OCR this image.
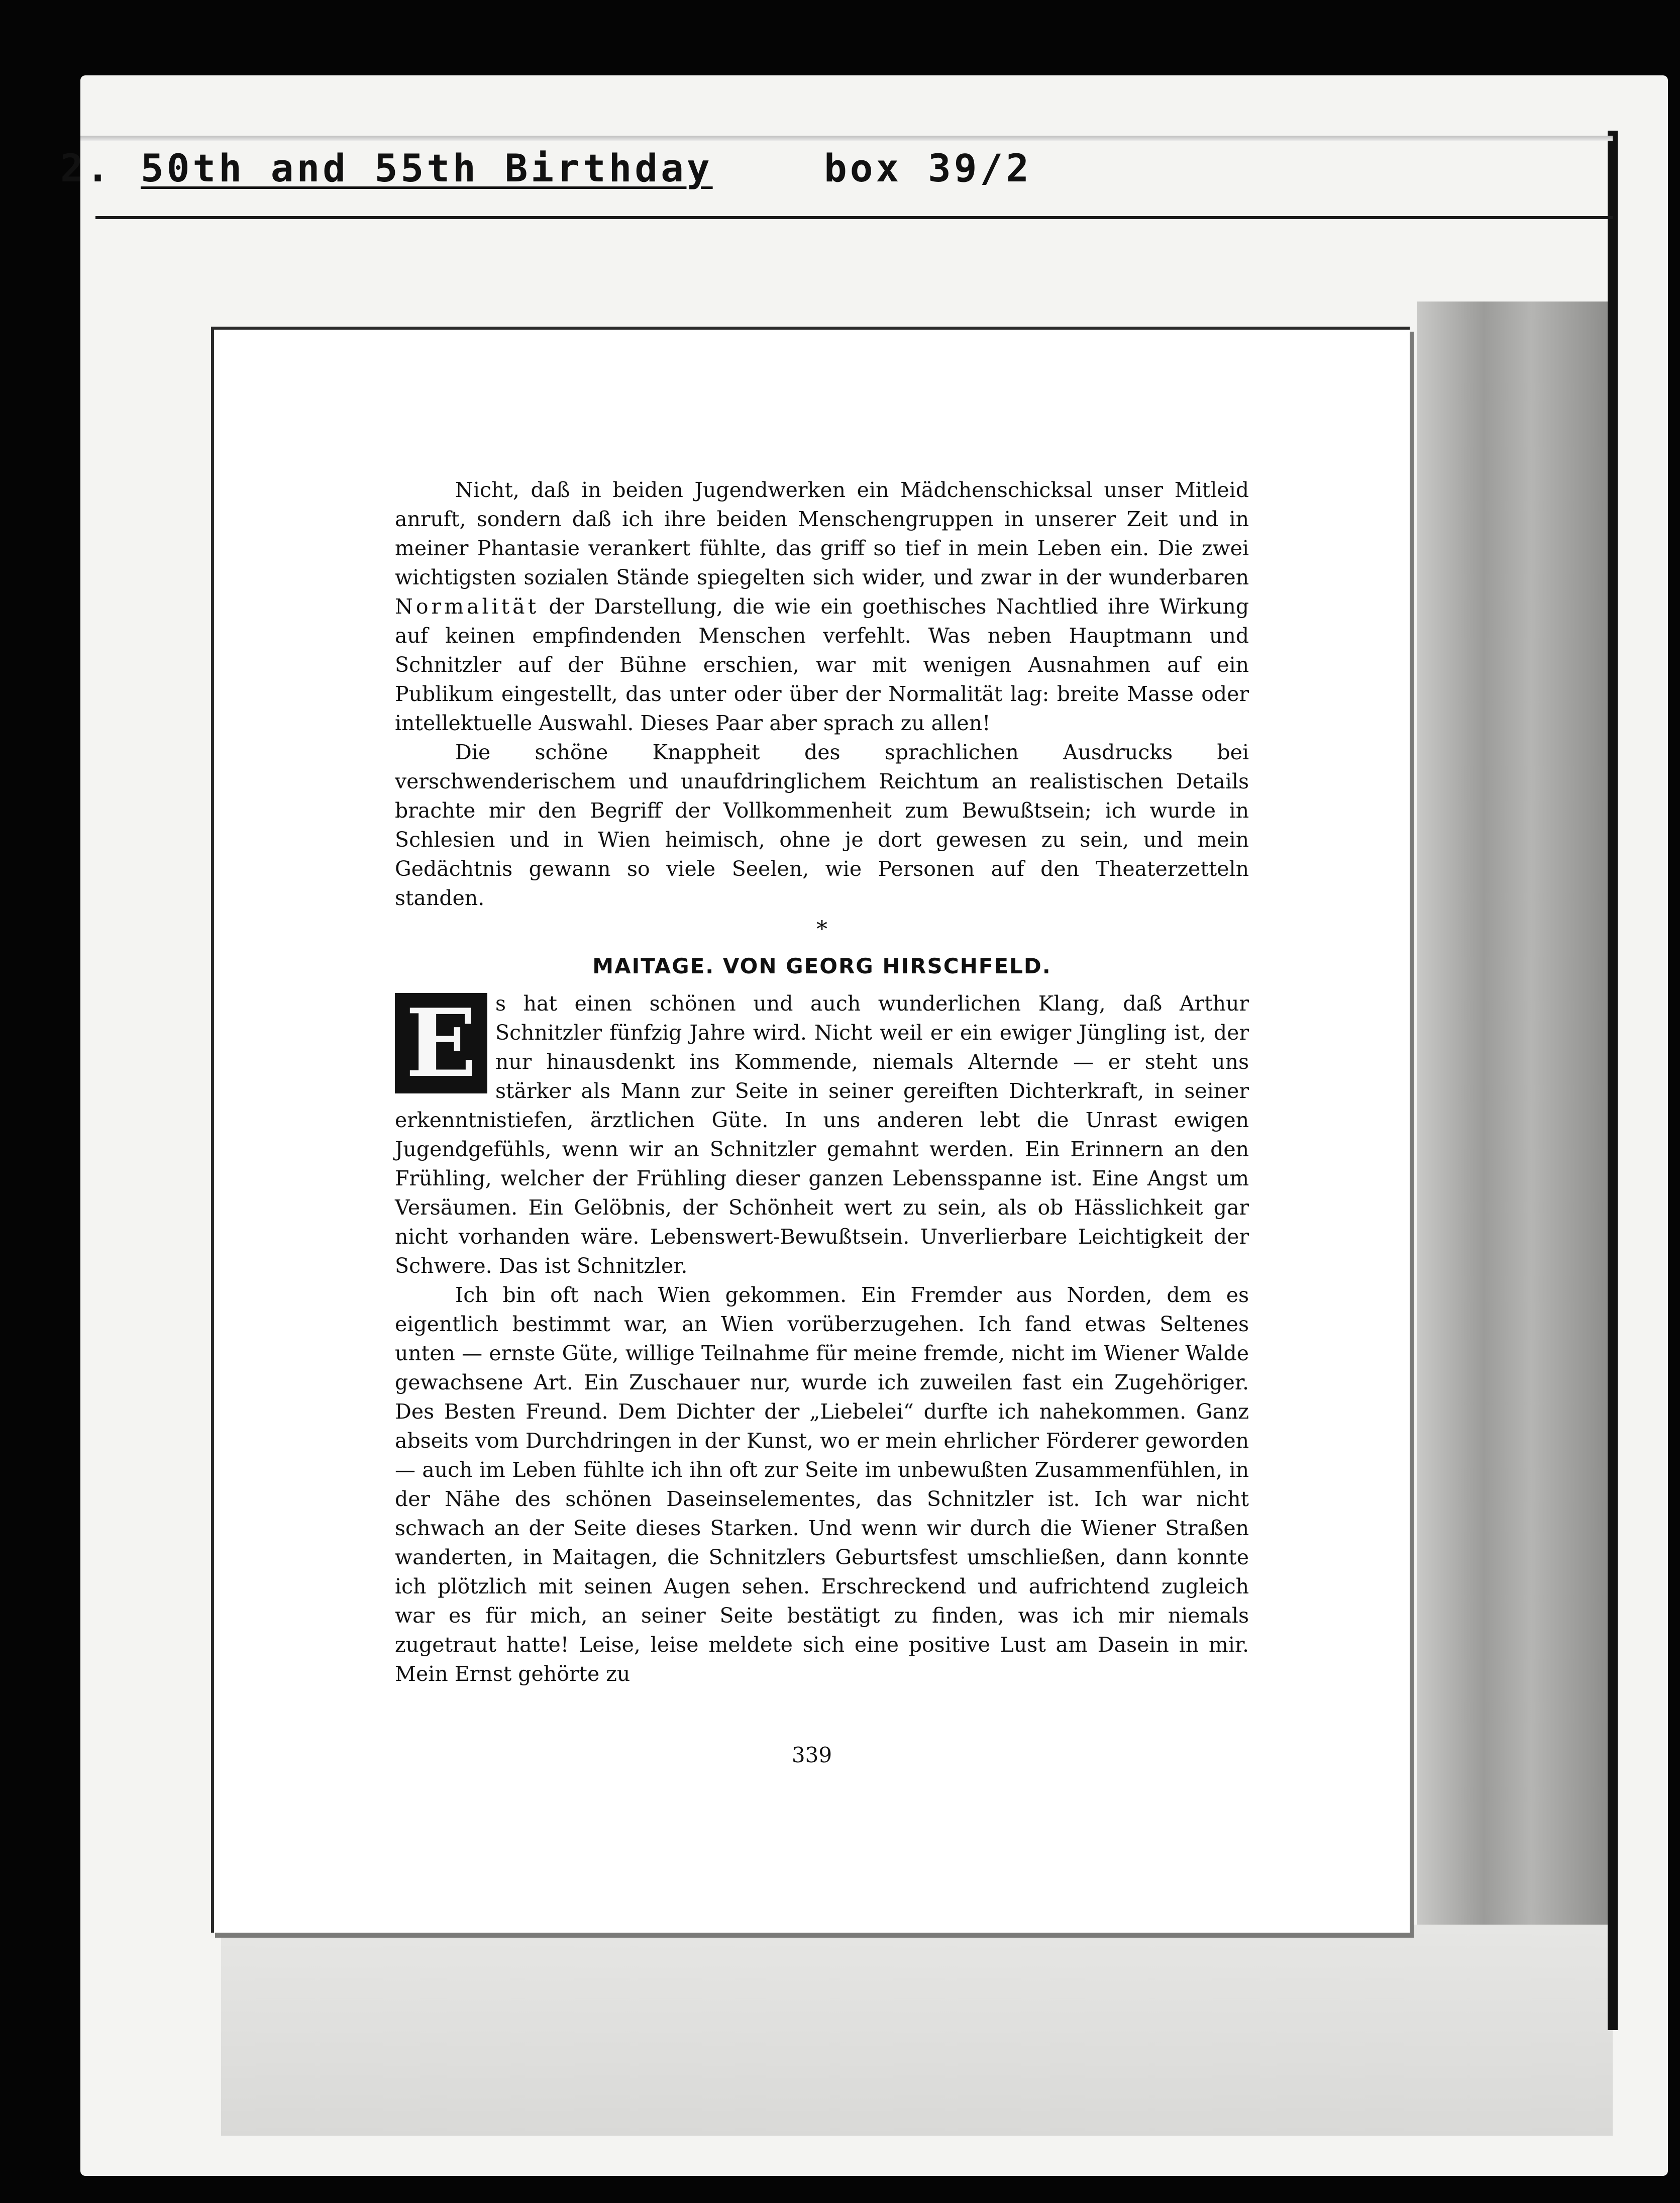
2. 50th and 55th Birthday	box 39/2

Nicht, daß in beiden Jugendwerken ein Mädchenschicksal unser Mitleid anruft, sondern daß ich ihre beiden Menschengruppen in unserer Zeit und in meiner Phantasie verankert fühlte, das griff so tief in mein Leben ein. Die zwei wichtigsten sozialen Stände spiegelten sich wider, und zwar in der wunderbaren Normalität der Darstellung, die wie ein goethisches Nachtlied ihre Wirkung auf keinen empfindenden Menschen verfehlt. Was neben Hauptmann und Schnitzler auf der Bühne erschien, war mit wenigen Ausnahmen auf ein Publikum eingestellt, das unter oder über der Normalität lag: breite Masse oder intellektuelle Auswahl. Dieses Paar aber sprach zu allen!

Die schöne Knappheit des sprachlichen Ausdrucks bei verschwenderischem und unaufdringlichem Reichtum an realistischen Details brachte mir den Begriff der Vollkommenheit zum Bewußtsein; ich wurde in Schlesien und in Wien heimisch, ohne je dort gewesen zu sein, und mein Gedächtnis gewann so viele Seelen, wie Personen auf den Theaterzetteln standen.

*
MAITAGE. VON GEORG HIRSCHFELD.

E s hat einen schönen und auch wunderlichen Klang, daß Arthur Schnitzler fünfzig Jahre wird. Nicht weil er ein ewiger Jüngling ist, der nur hinausdenkt ins Kommende, niemals Alternde — er steht uns stärker als Mann zur Seite in seiner gereiften Dichterkraft, in seiner erkenntnistiefen, ärztlichen Güte. In uns anderen lebt die Unrast ewigen Jugendgefühls, wenn wir an Schnitzler gemahnt werden. Ein Erinnern an den Frühling, welcher der Frühling dieser ganzen Lebensspanne ist. Eine Angst um Versäumen. Ein Gelöbnis, der Schönheit wert zu sein, als ob Hässlichkeit gar nicht vorhanden wäre. Lebenswert-Bewußtsein. Unverlierbare Leichtigkeit der Schwere. Das ist Schnitzler.

Ich bin oft nach Wien gekommen. Ein Fremder aus Norden, dem es eigentlich bestimmt war, an Wien vorüberzugehen. Ich fand etwas Seltenes unten — ernste Güte, willige Teilnahme für meine fremde, nicht im Wiener Walde gewachsene Art. Ein Zuschauer nur, wurde ich zuweilen fast ein Zugehöriger. Des Besten Freund. Dem Dichter der „Liebelei“ durfte ich nahekommen. Ganz abseits vom Durchdringen in der Kunst, wo er mein ehrlicher Förderer geworden — auch im Leben fühlte ich ihn oft zur Seite im unbewußten Zusammenfühlen, in der Nähe des schönen Daseinselementes, das Schnitzler ist. Ich war nicht schwach an der Seite dieses Starken. Und wenn wir durch die Wiener Straßen wanderten, in Maitagen, die Schnitzlers Geburtsfest umschließen, dann konnte ich plötzlich mit seinen Augen sehen. Erschreckend und aufrichtend zugleich war es für mich, an seiner Seite bestätigt zu finden, was ich mir niemals zugetraut hatte! Leise, leise meldete sich eine positive Lust am Dasein in mir. Mein Ernst gehörte zu

339
